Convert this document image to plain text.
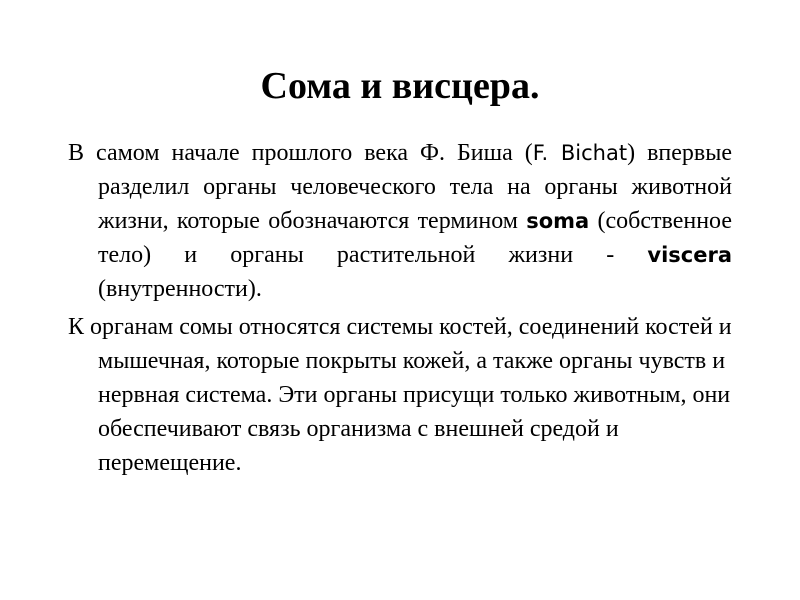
Сома и висцера.

В самом начале прошлого века Ф. Биша (F. Bichat) впервые разделил органы человеческого тела на органы животной жизни, которые обозначаются термином soma (собственное тело) и органы растительной жизни - viscera (внутренности).

К органам сомы относятся системы костей, соединений костей и мышечная, которые покрыты кожей, а также органы чувств и нервная система. Эти органы присущи только животным, они обеспечивают связь организма с внешней средой и перемещение.
